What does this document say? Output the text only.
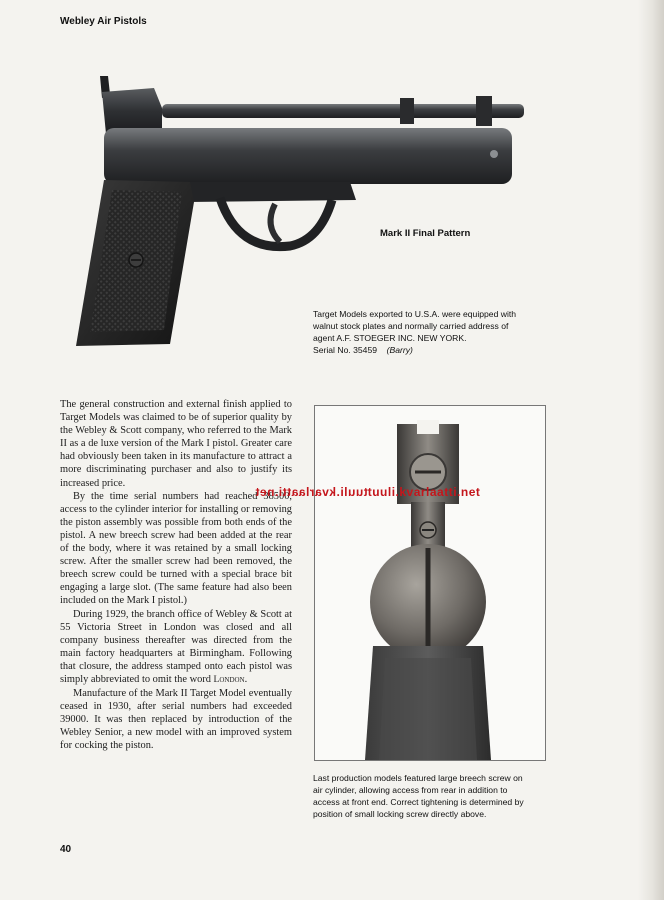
Webley Air Pistols
Mark II Final Pattern

Target Models exported to U.S.A. were equipped with

walnut stock plates and normally carried address of

agent A.F. STOEGER INC. NEW YORK.

Serial No. 35459 (Barry)

The general construction and external finish applied to Target Models was claimed to be of superior quality by the Webley & Scott company, who referred to the Mark II as a de luxe version of the Mark I pistol. Greater care had obviously been taken in its manufacture to attract a more discriminating purchaser and also to justify its increased price.

By the time serial numbers had reached 38500, access to the cylinder interior for installing or removing the piston assembly was possible from both ends of the pistol. A new breech screw had been added at the rear of the body, where it was retained by a small locking screw. After the smaller screw had been removed, the breech screw could be turned with a special brace bit engaging a large slot. (The same feature had also been included on the Mark I pistol.)

During 1929, the branch office of Webley & Scott at 55 Victoria Street in London was closed and all company business thereafter was directed from the main factory headquarters at Birmingham. Following that closure, the address stamped onto each pistol was simply abbreviated to omit the word London.

Manufacture of the Mark II Target Model eventually ceased in 1930, after serial numbers had exceeded 39000. It was then replaced by introduction of the Webley Senior, a new model with an improved system for cocking the piston.

Last production models featured large breech screw on

air cylinder, allowing access from rear in addition to

access at front end. Correct tightening is determined by

position of small locking screw directly above.

tuuli.kvarlaatti.nettuuli.kvarlaatti.net
40
